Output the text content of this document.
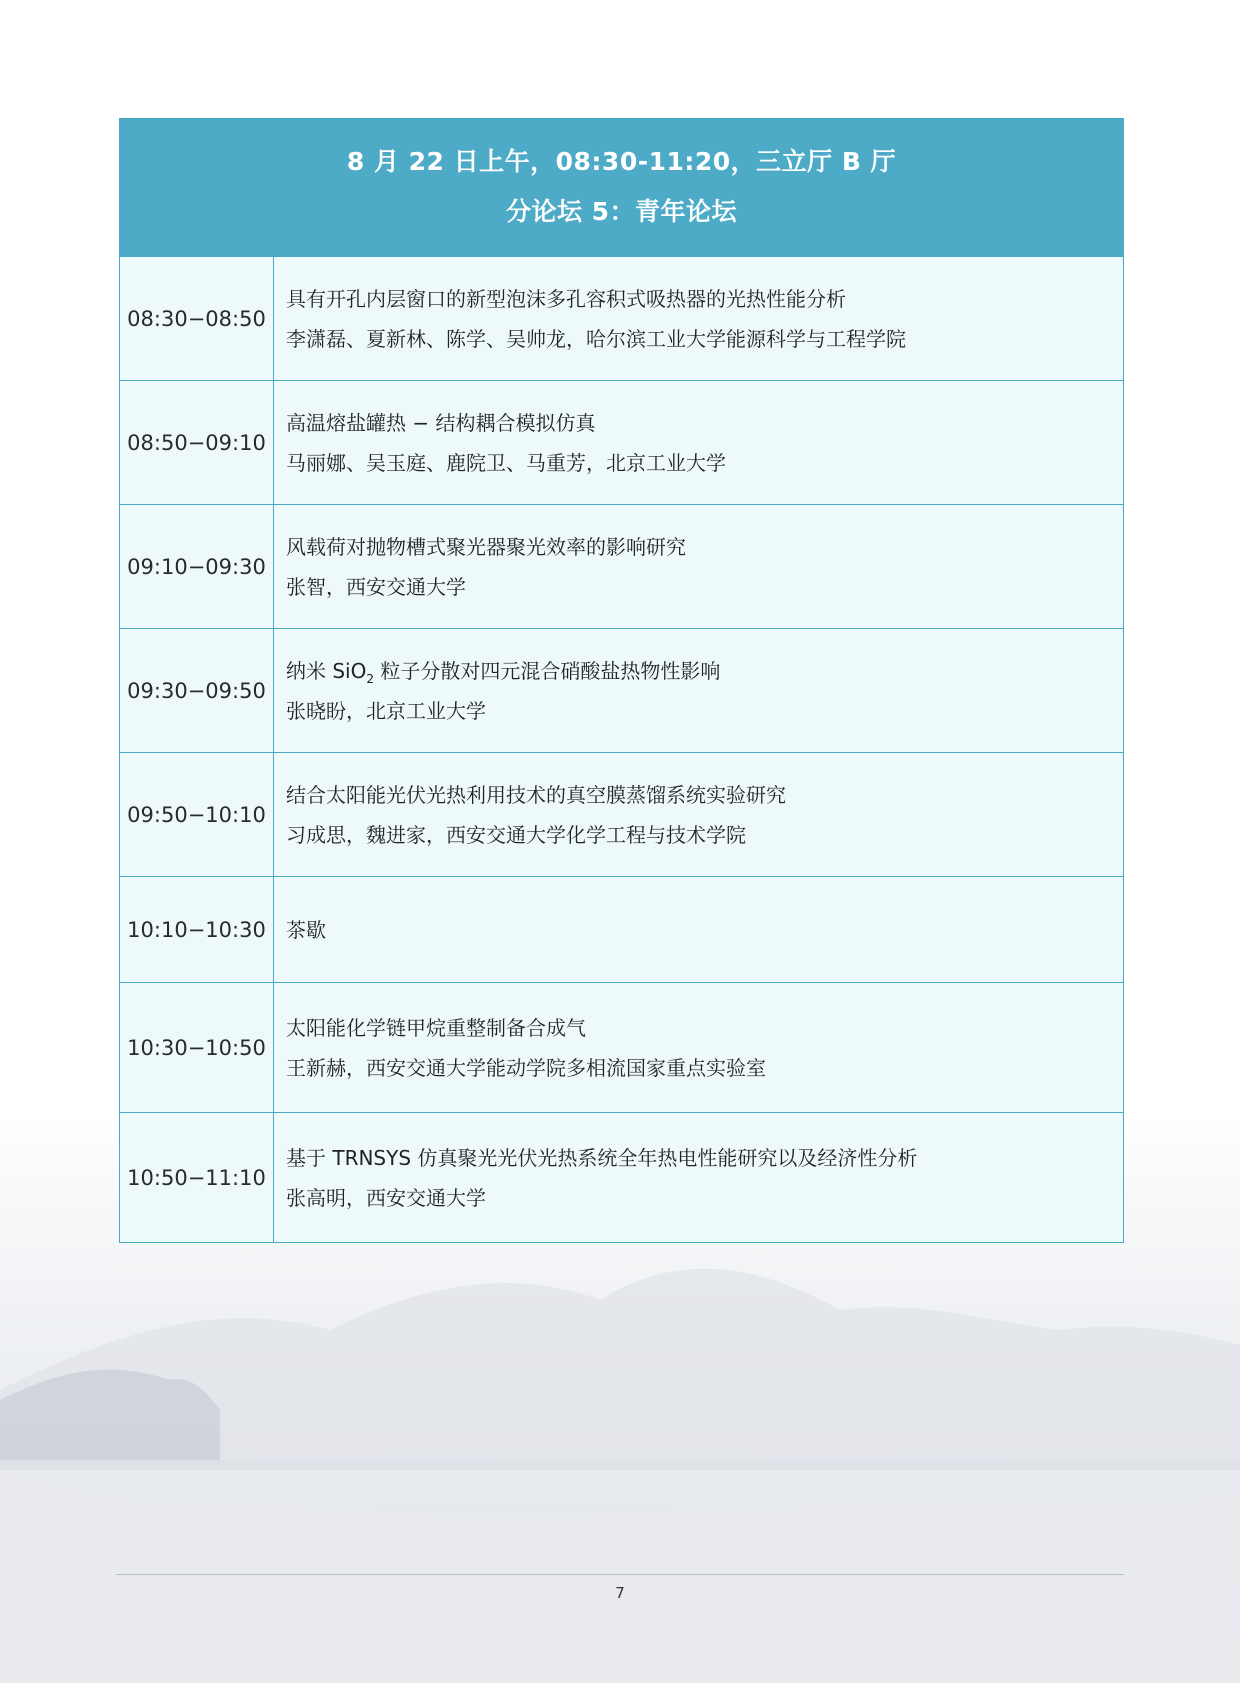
8 月 22 日上午，08:30-11:20，三立厅 B 厅
分论坛 5：青年论坛
08:30−08:50
具有开孔内层窗口的新型泡沫多孔容积式吸热器的光热性能分析
李潇磊、夏新林、陈学、吴帅龙，哈尔滨工业大学能源科学与工程学院
08:50−09:10
高温熔盐罐热 − 结构耦合模拟仿真
马丽娜、吴玉庭、鹿院卫、马重芳，北京工业大学
09:10−09:30
风载荷对抛物槽式聚光器聚光效率的影响研究
张智，西安交通大学
09:30−09:50
纳米 SiO$_2$ 粒子分散对四元混合硝酸盐热物性影响
张晓盼，北京工业大学
09:50−10:10
结合太阳能光伏光热利用技术的真空膜蒸馏系统实验研究
习成思，魏进家，西安交通大学化学工程与技术学院
10:10−10:30	茶歇
10:30−10:50
太阳能化学链甲烷重整制备合成气
王新赫，西安交通大学能动学院多相流国家重点实验室
10:50−11:10
基于 TRNSYS 仿真聚光光伏光热系统全年热电性能研究以及经济性分析
张高明，西安交通大学
7
